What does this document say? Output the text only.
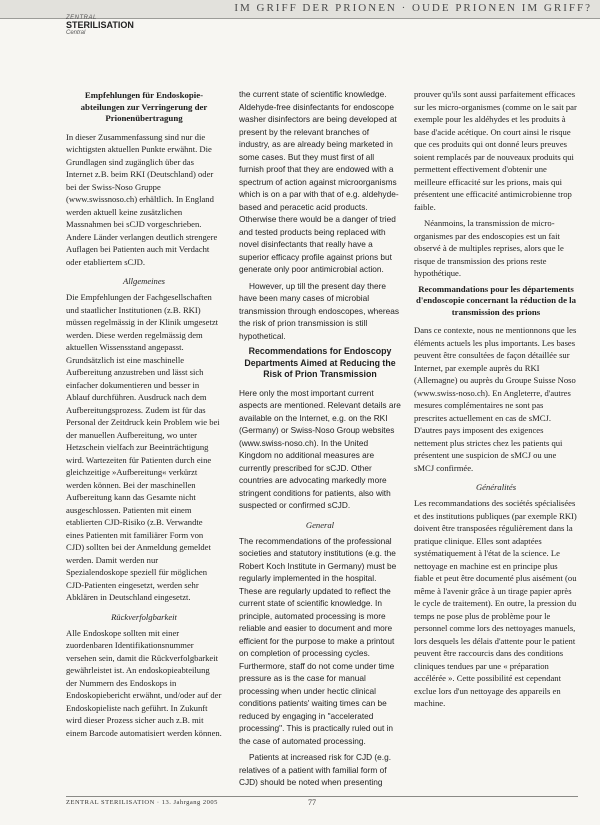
IM GRIFF DER PRIONEN · OUDE PRIONEN IM GRIFF?

ZENTRAL
STERILISATION
Central
Empfehlungen für Endoskopieabteilungen zur Verringerung der Prionenübertragung

In dieser Zusammenfassung sind nur die wichtigsten aktuellen Punkte erwähnt. Die Grundlagen sind zugänglich über das Internet z.B. beim RKI (Deutschland) oder bei der Swiss-Noso Gruppe (www.swissnoso.ch) erhältlich. In England werden aktuell keine zusätzlichen Massnahmen bei sCJD vorgeschrieben. Andere Länder verlangen deutlich strengere Auflagen bei Patienten auch mit Verdacht oder etabliertem sCJD.

Allgemeines

Die Empfehlungen der Fachgesellschaften und staatlicher Institutionen (z.B. RKI) müssen regelmässig in der Klinik umgesetzt werden. Diese werden regelmässig dem aktuellen Wissensstand angepasst. Grundsätzlich ist eine maschinelle Aufbereitung anzustreben und lässt sich einfacher dokumentieren und besser in Ablauf durchführen. Ausdruck nach dem Aufbereitungsprozess. Zudem ist für das Personal der Zeitdruck kein Problem wie bei der manuellen Aufbereitung, wo unter Hetzschein vielfach zur Beeinträchtigung wird. Wartezeiten für Patienten durch eine gleichzeitige »Aufbereitung« verkürzt werden können. Bei der maschinellen Aufbereitung kann das Gesamte nicht ausgeschlossen. Patienten mit einem etablierten CJD-Risiko (z.B. Verwandte eines Patienten mit familiärer Form von CJD) sollten bei der Anmeldung gemeldet werden. Damit werden nur Spezialendoskope speziell für möglichen CJD-Patienten eingesetzt, werden sehr Abklären in Deutschland eingesetzt.

Rückverfolgbarkeit

Alle Endoskope sollten mit einer zuordenbaren Identifikationsnummer versehen sein, damit die Rückverfolgbarkeit gewährleistet ist. An endoskopieabteilung der Nummern des Endoskops in Endoskopiebericht erwähnt, und/oder auf der Endoskopieliste nach geführt. In Zukunft wird dieser Prozess sicher auch z.B. mit einem Barcode automatisiert werden können.

the current state of scientific knowledge. Aldehyde-free disinfectants for endoscope washer disinfectors are being developed at present by the relevant branches of industry, as are already being marketed in some cases. But they must first of all furnish proof that they are endowed with a spectrum of action against microorganisms which is on a par with that of e.g. aldehyde-based and peracetic acid products. Otherwise there would be a danger of tried and tested products being replaced with novel disinfectants that really have a superior efficacy profile against prions but generate only poor antimicrobial action.

However, up till the present day there have been many cases of microbial transmission through endoscopes, whereas the risk of prion transmission is still hypothetical.

Recommendations for Endoscopy Departments Aimed at Reducing the Risk of Prion Transmission

Here only the most important current aspects are mentioned. Relevant details are available on the Internet, e.g. on the RKI (Germany) or Swiss-Noso Group websites (www.swiss-noso.ch). In the United Kingdom no additional measures are currently prescribed for sCJD. Other countries are advocating markedly more stringent conditions for patients, also with suspected or confirmed sCJD.

General

The recommendations of the professional societies and statutory institutions (e.g. the Robert Koch Institute in Germany) must be regularly implemented in the hospital. These are regularly updated to reflect the current state of scientific knowledge. In principle, automated processing is more reliable and easier to document and more efficient for the purpose to make a printout on completion of processing cycles. Furthermore, staff do not come under time pressure as is the case for manual processing when under hectic clinical conditions patients' waiting times can be reduced by engaging in "accelerated processing". This is practically ruled out in the case of automated processing.

Patients at increased risk for CJD (e.g. relatives of a patient with familial form of CJD) should be noted when presenting

prouver qu'ils sont aussi parfaitement efficaces sur les micro-organismes (comme on le sait par exemple pour les aldéhydes et les produits à base d'acide acétique. On court ainsi le risque que ces produits qui ont donné leurs preuves soient remplacés par de nouveaux produits qui permettent effectivement d'obtenir une meilleure efficacité sur les prions, mais qui présentent une efficacité antimicrobienne trop faible.

Néanmoins, la transmission de micro-organismes par des endoscopies est un fait observé à de multiples reprises, alors que le risque de transmission des prions reste hypothétique.

Recommandations pour les départements d'endoscopie concernant la réduction de la transmission des prions

Dans ce contexte, nous ne mentionnons que les éléments actuels les plus importants. Les bases peuvent être consultées de façon détaillée sur Internet, par exemple auprès du RKI (Allemagne) ou auprès du Groupe Suisse Noso (www.swiss-noso.ch). En Angleterre, d'autres mesures complémentaires ne sont pas prescrites actuellement en cas de sMCJ. D'autres pays imposent des exigences nettement plus strictes chez les patients qui présentent une suspicion de sMCJ ou une sMCJ confirmée.

Généralités

Les recommandations des sociétés spécialisées et des institutions publiques (par exemple RKI) doivent être transposées régulièrement dans la pratique clinique. Elles sont adaptées systématiquement à l'état de la science. Le nettoyage en machine est en principe plus fiable et peut être documenté plus aisément (ou même à l'avenir grâce à un tirage papier après le cycle de traitement). En outre, la pression du temps ne pose plus de problème pour le personnel comme lors des nettoyages manuels, lors desquels les délais d'attente pour le patient peuvent être raccourcis dans des conditions cliniques tendues par une « préparation accélérée ». Cette possibilité est cependant exclue lors d'un nettoyage des appareils en machine.

ZENTRAL STERILISATION · 13. Jahrgang 2005	77
